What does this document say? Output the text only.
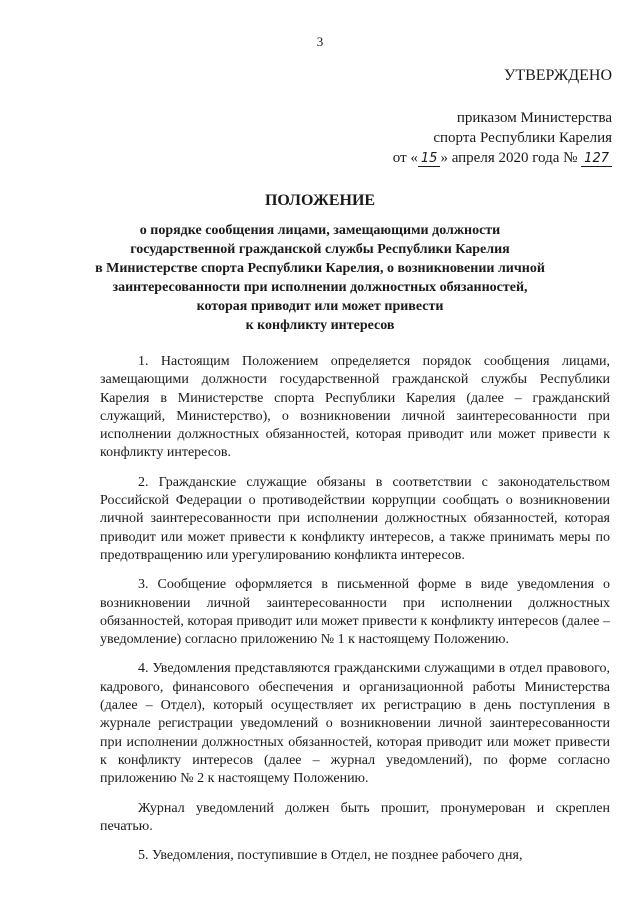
3
УТВЕРЖДЕНО
приказом Министерства
спорта Республики Карелия
от « 15 » апреля 2020 года № 127
ПОЛОЖЕНИЕ
о порядке сообщения лицами, замещающими должности
государственной гражданской службы Республики Карелия
в Министерстве спорта Республики Карелия, о возникновении личной
заинтересованности при исполнении должностных обязанностей,
которая приводит или может привести
к конфликту интересов

1. Настоящим Положением определяется порядок сообщения лицами, замещающими должности государственной гражданской службы Республики Карелия в Министерстве спорта Республики Карелия (далее – гражданский служащий, Министерство), о возникновении личной заинтересованности при исполнении должностных обязанностей, которая приводит или может привести к конфликту интересов.

2. Гражданские служащие обязаны в соответствии с законодательством Российской Федерации о противодействии коррупции сообщать о возникновении личной заинтересованности при исполнении должностных обязанностей, которая приводит или может привести к конфликту интересов, а также принимать меры по предотвращению или урегулированию конфликта интересов.

3. Сообщение оформляется в письменной форме в виде уведомления о возникновении личной заинтересованности при исполнении должностных обязанностей, которая приводит или может привести к конфликту интересов (далее – уведомление) согласно приложению № 1 к настоящему Положению.

4. Уведомления представляются гражданскими служащими в отдел правового, кадрового, финансового обеспечения и организационной работы Министерства (далее – Отдел), который осуществляет их регистрацию в день поступления в журнале регистрации уведомлений о возникновении личной заинтересованности при исполнении должностных обязанностей, которая приводит или может привести к конфликту интересов (далее – журнал уведомлений), по форме согласно приложению № 2 к настоящему Положению.

Журнал уведомлений должен быть прошит, пронумерован и скреплен печатью.

5. Уведомления, поступившие в Отдел, не позднее рабочего дня,
